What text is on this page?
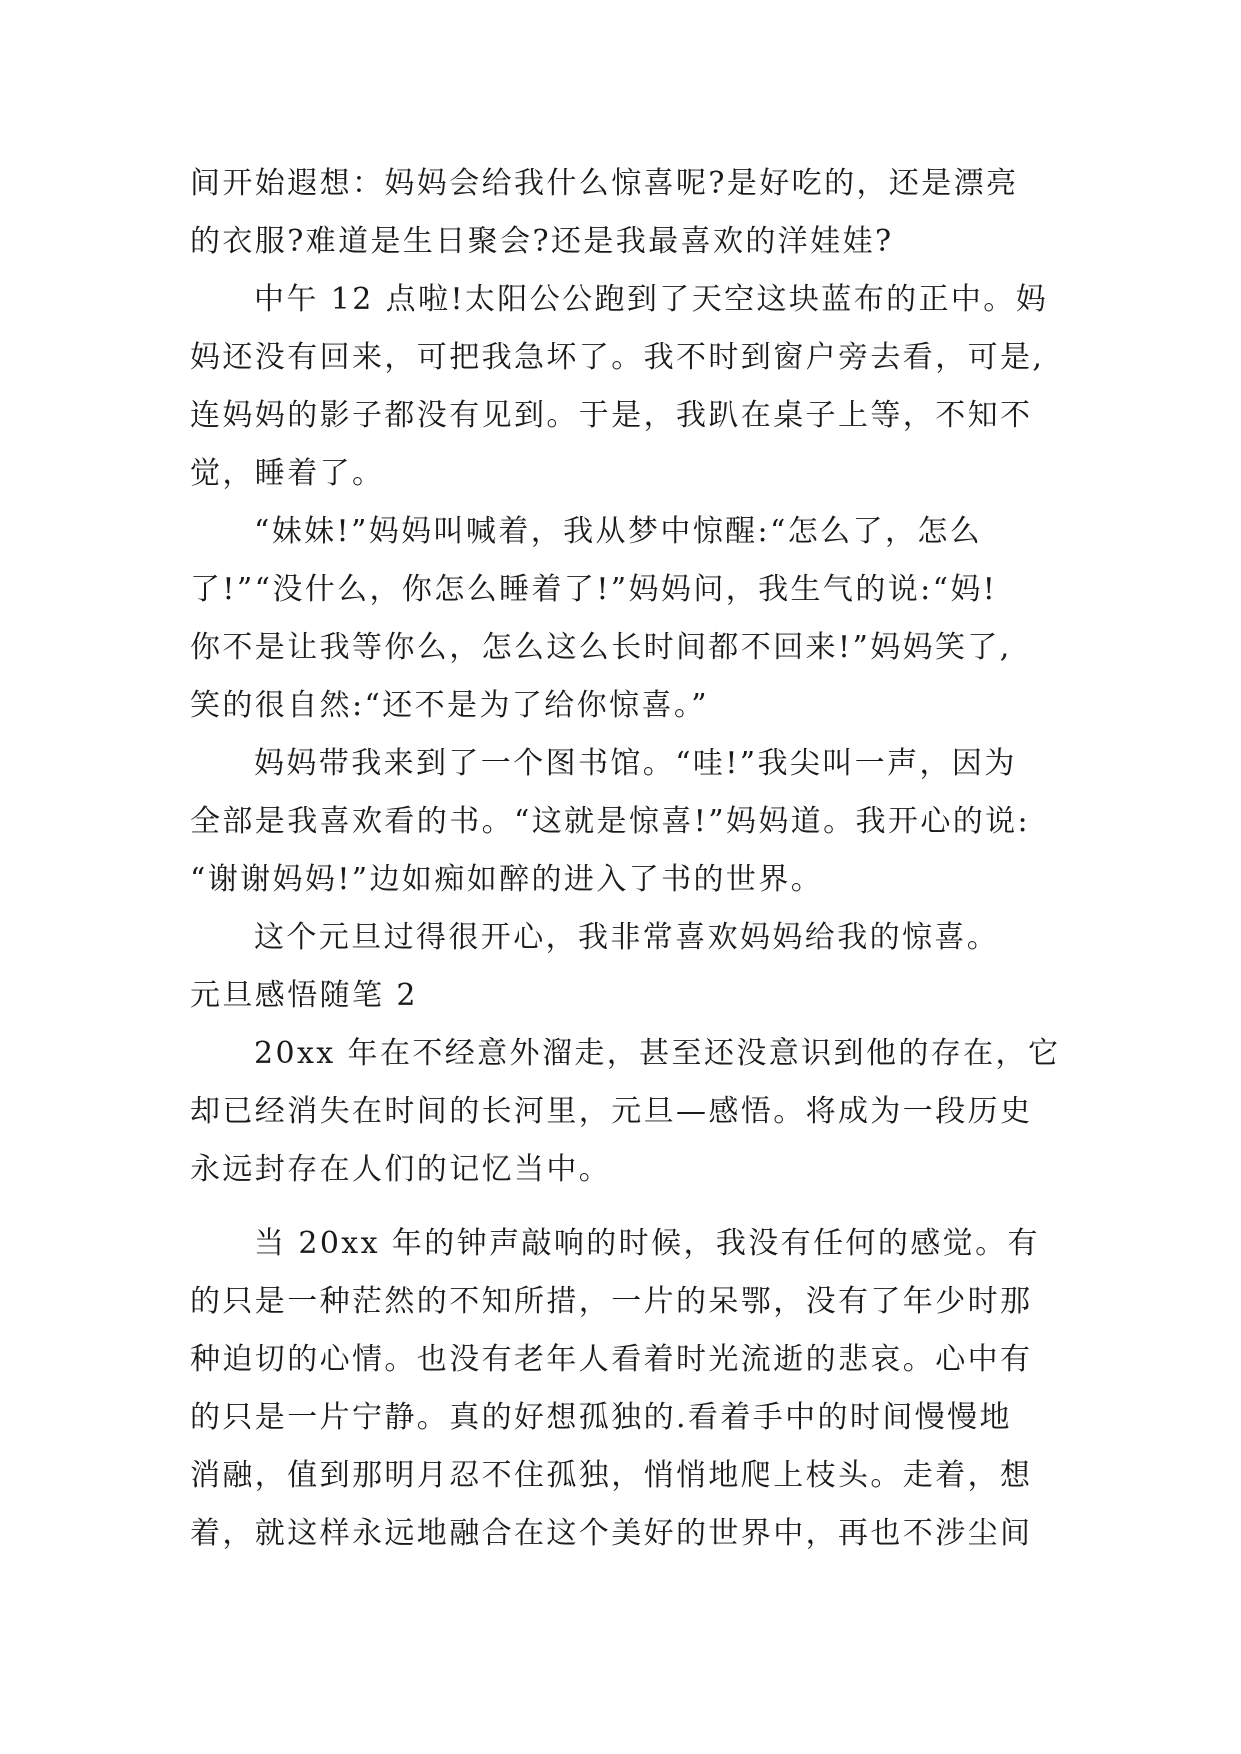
间开始遐想：妈妈会给我什么惊喜呢?是好吃的，还是漂亮

的衣服?难道是生日聚会?还是我最喜欢的洋娃娃?

中午 12 点啦!太阳公公跑到了天空这块蓝布的正中。妈

妈还没有回来，可把我急坏了。我不时到窗户旁去看，可是,

连妈妈的影子都没有见到。于是，我趴在桌子上等，不知不

觉，睡着了。

“妹妹!”妈妈叫喊着，我从梦中惊醒:“怎么了，怎么

了!”“没什么，你怎么睡着了!”妈妈问，我生气的说:“妈!

你不是让我等你么，怎么这么长时间都不回来!”妈妈笑了,

笑的很自然:“还不是为了给你惊喜。”

妈妈带我来到了一个图书馆。“哇!”我尖叫一声，因为

全部是我喜欢看的书。“这就是惊喜!”妈妈道。我开心的说:

“谢谢妈妈!”边如痴如醉的进入了书的世界。

这个元旦过得很开心，我非常喜欢妈妈给我的惊喜。

元旦感悟随笔 2

20xx 年在不经意外溜走，甚至还没意识到他的存在，它

却已经消失在时间的长河里，元旦—感悟。将成为一段历史

永远封存在人们的记忆当中。

当 20xx 年的钟声敲响的时候，我没有任何的感觉。有

的只是一种茫然的不知所措，一片的呆鄂，没有了年少时那

种迫切的心情。也没有老年人看着时光流逝的悲哀。心中有

的只是一片宁静。真的好想孤独的.看着手中的时间慢慢地

消融，值到那明月忍不住孤独，悄悄地爬上枝头。走着，想

着，就这样永远地融合在这个美好的世界中，再也不涉尘间
